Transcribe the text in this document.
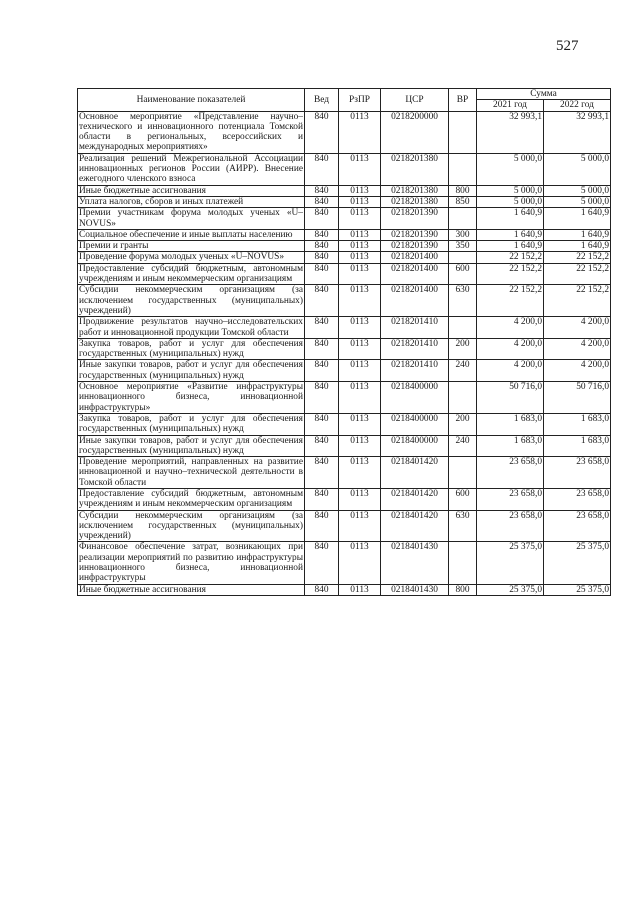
527
Наименование показателей	Вед	РзПР	ЦСР	ВР	Сумма	
					2021 год	2022 год
Основное мероприятие «Представление научно–технического и инновационного потенциала Томской области в региональных, всероссийских и международных мероприятиях»	840	0113	0218200000		32 993,1	32 993,1
Реализация решений Межрегиональной Ассоциации инновационных регионов России (АИРР). Внесение ежегодного членского взноса	840	0113	0218201380		5 000,0	5 000,0
Иные бюджетные ассигнования	840	0113	0218201380	800	5 000,0	5 000,0
Уплата налогов, сборов и иных платежей	840	0113	0218201380	850	5 000,0	5 000,0
Премии участникам форума молодых ученых «U–NOVUS»	840	0113	0218201390		1 640,9	1 640,9
Социальное обеспечение и иные выплаты населению	840	0113	0218201390	300	1 640,9	1 640,9
Премии и гранты	840	0113	0218201390	350	1 640,9	1 640,9
Проведение форума молодых ученых «U–NOVUS»	840	0113	0218201400		22 152,2	22 152,2
Предоставление субсидий бюджетным, автономным учреждениям и иным некоммерческим организациям	840	0113	0218201400	600	22 152,2	22 152,2
Субсидии некоммерческим организациям (за исключением государственных (муниципальных) учреждений)	840	0113	0218201400	630	22 152,2	22 152,2
Продвижение результатов научно–исследовательских работ и инновационной продукции Томской области	840	0113	0218201410		4 200,0	4 200,0
Закупка товаров, работ и услуг для обеспечения государственных (муниципальных) нужд	840	0113	0218201410	200	4 200,0	4 200,0
Иные закупки товаров, работ и услуг для обеспечения государственных (муниципальных) нужд	840	0113	0218201410	240	4 200,0	4 200,0
Основное мероприятие «Развитие инфраструктуры инновационного бизнеса, инновационной инфраструктуры»	840	0113	0218400000		50 716,0	50 716,0
Закупка товаров, работ и услуг для обеспечения государственных (муниципальных) нужд	840	0113	0218400000	200	1 683,0	1 683,0
Иные закупки товаров, работ и услуг для обеспечения государственных (муниципальных) нужд	840	0113	0218400000	240	1 683,0	1 683,0
Проведение мероприятий, направленных на развитие инновационной и научно–технической деятельности в Томской области	840	0113	0218401420		23 658,0	23 658,0
Предоставление субсидий бюджетным, автономным учреждениям и иным некоммерческим организациям	840	0113	0218401420	600	23 658,0	23 658,0
Субсидии некоммерческим организациям (за исключением государственных (муниципальных) учреждений)	840	0113	0218401420	630	23 658,0	23 658,0
Финансовое обеспечение затрат, возникающих при реализации мероприятий по развитию инфраструктуры инновационного бизнеса, инновационной инфраструктуры	840	0113	0218401430		25 375,0	25 375,0
Иные бюджетные ассигнования	840	0113	0218401430	800	25 375,0	25 375,0
